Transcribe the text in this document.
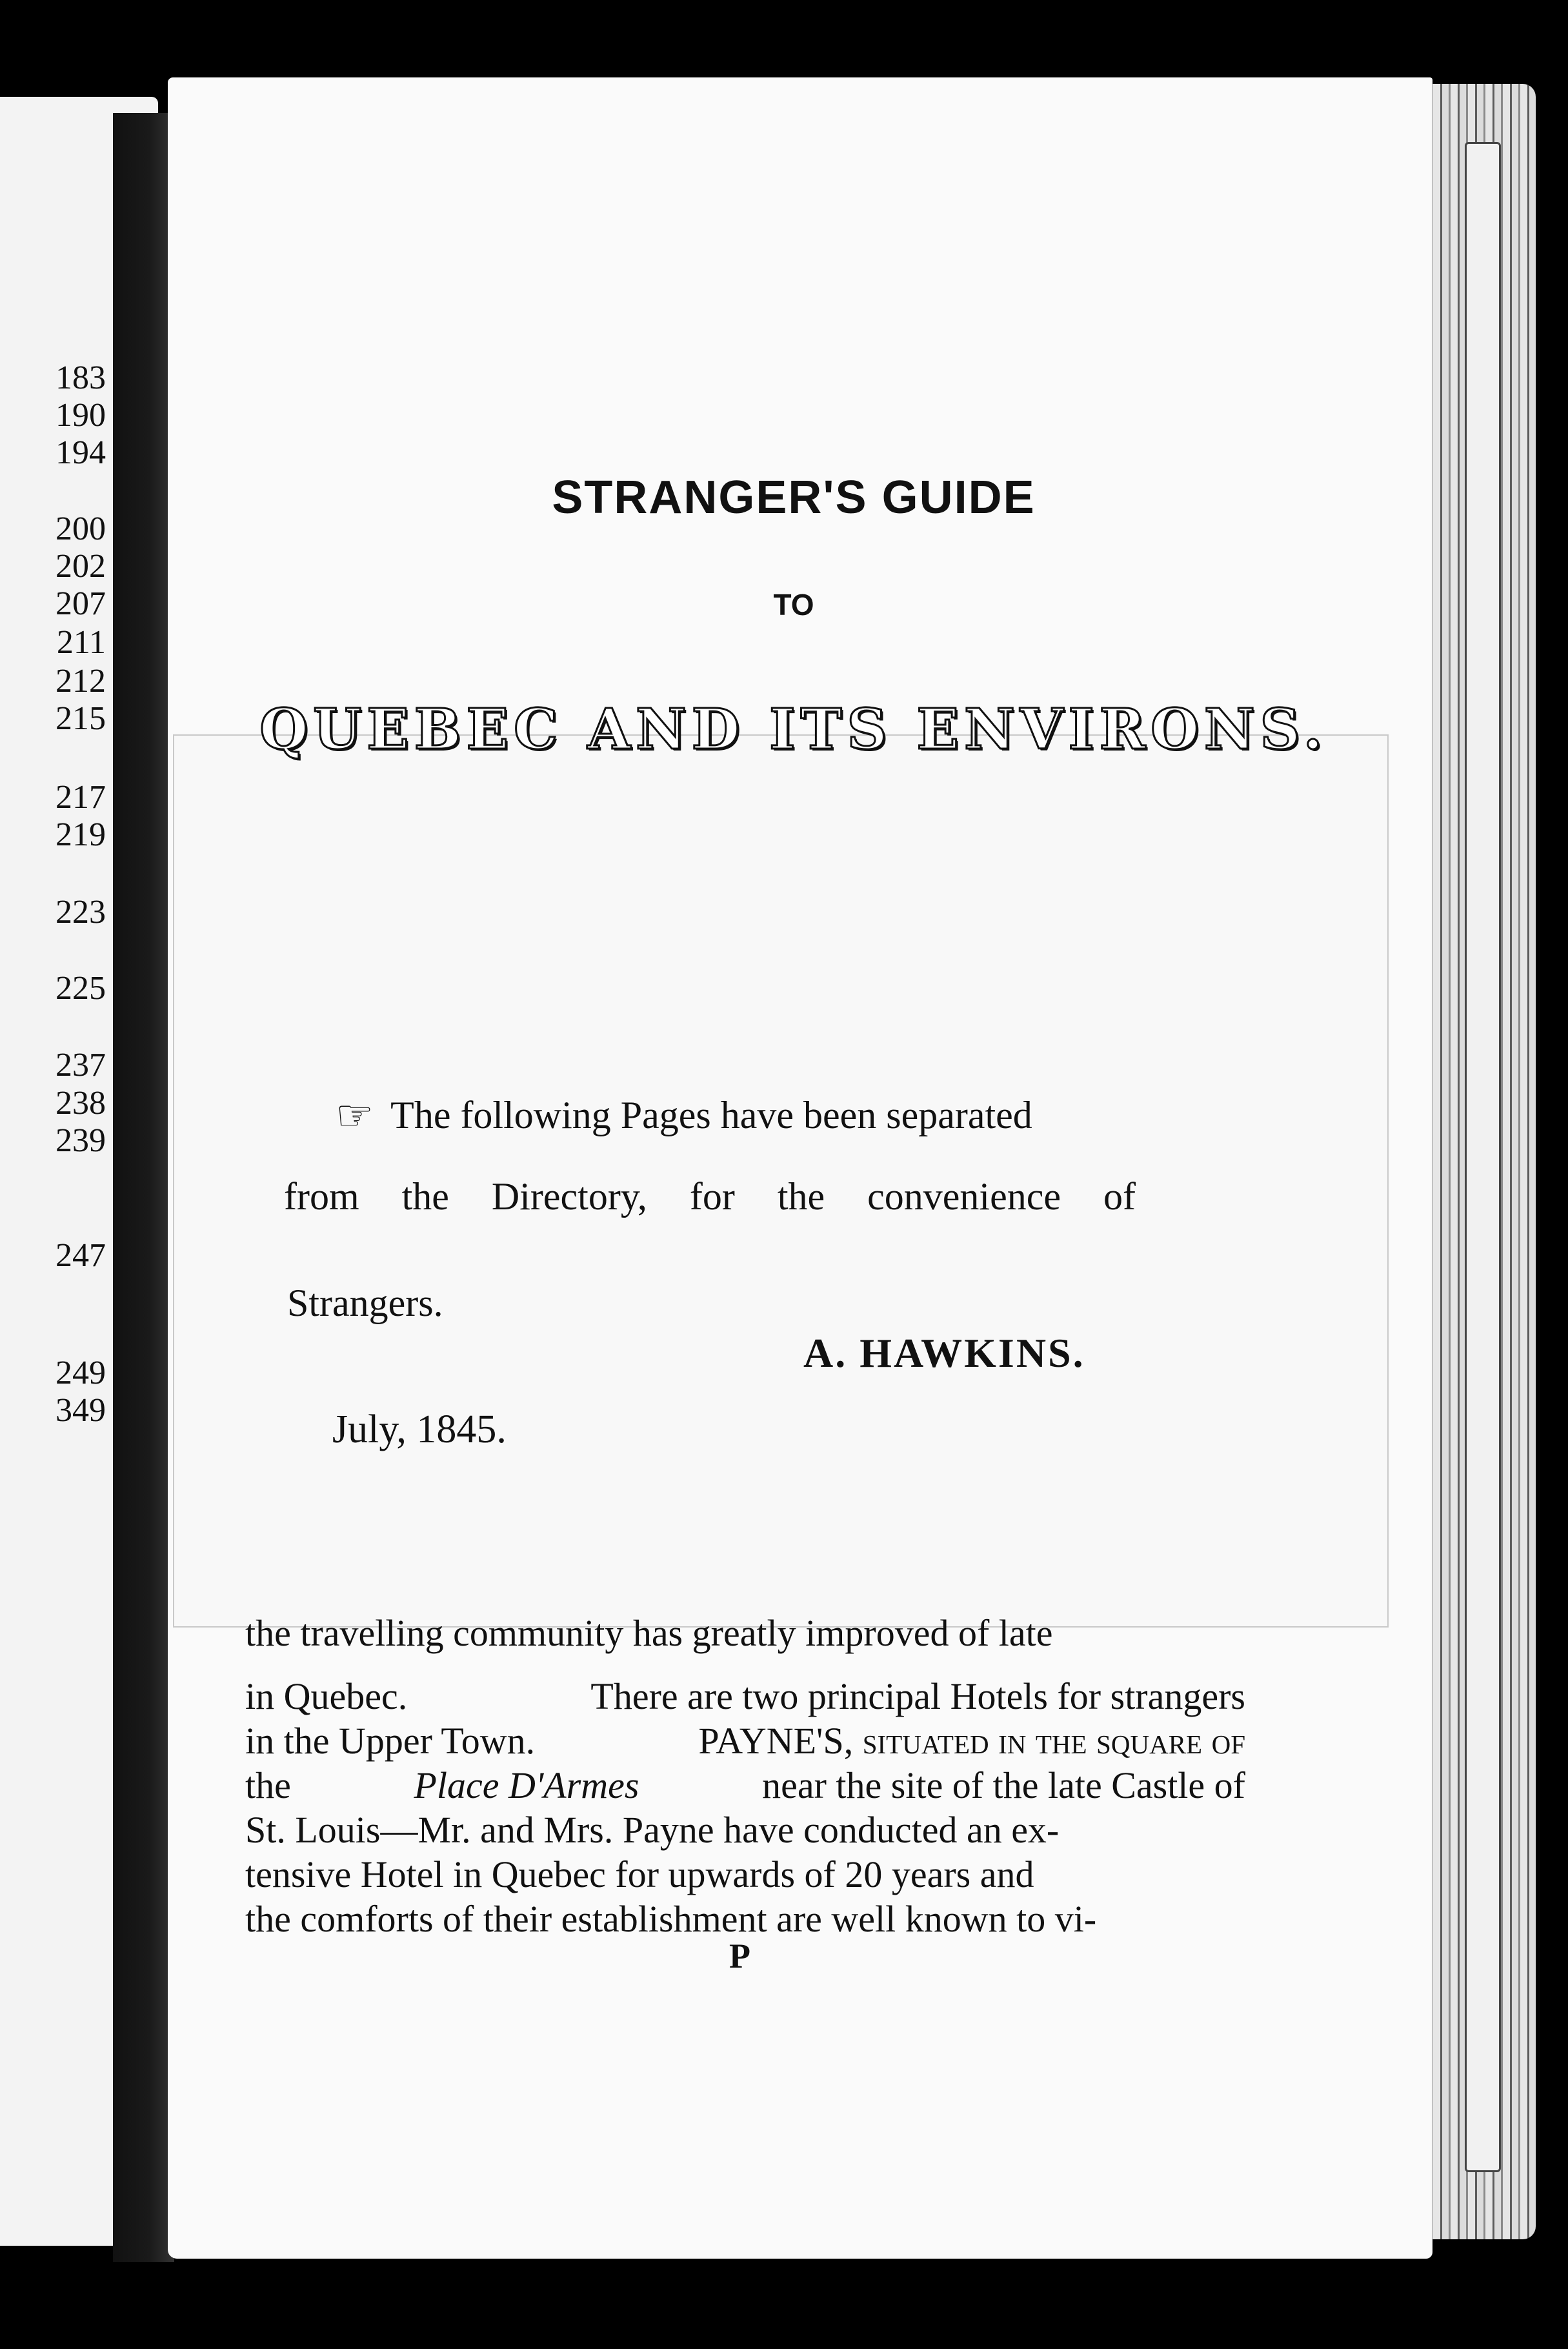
183
190
194
200
202
207
211
212
215
217
219
223
225
237
238
239
247
249
349
STRANGER'S GUIDE
TO
QUEBEC AND ITS ENVIRONS.
☞ The following Pages have been separated
from the Directory, for the convenience of
Strangers.
A. HAWKINS.
July, 1845.
the travelling community has greatly improved of late
in Quebec.	There are two principal Hotels for strangers
in the Upper Town.	PAYNE'S, situated in the square of
the	Place D'Armes	near the site of the late Castle of
St. Louis—Mr. and Mrs. Payne have conducted an ex-
tensive Hotel in Quebec for upwards of 20 years and
the comforts of their establishment are well known to vi-
P
